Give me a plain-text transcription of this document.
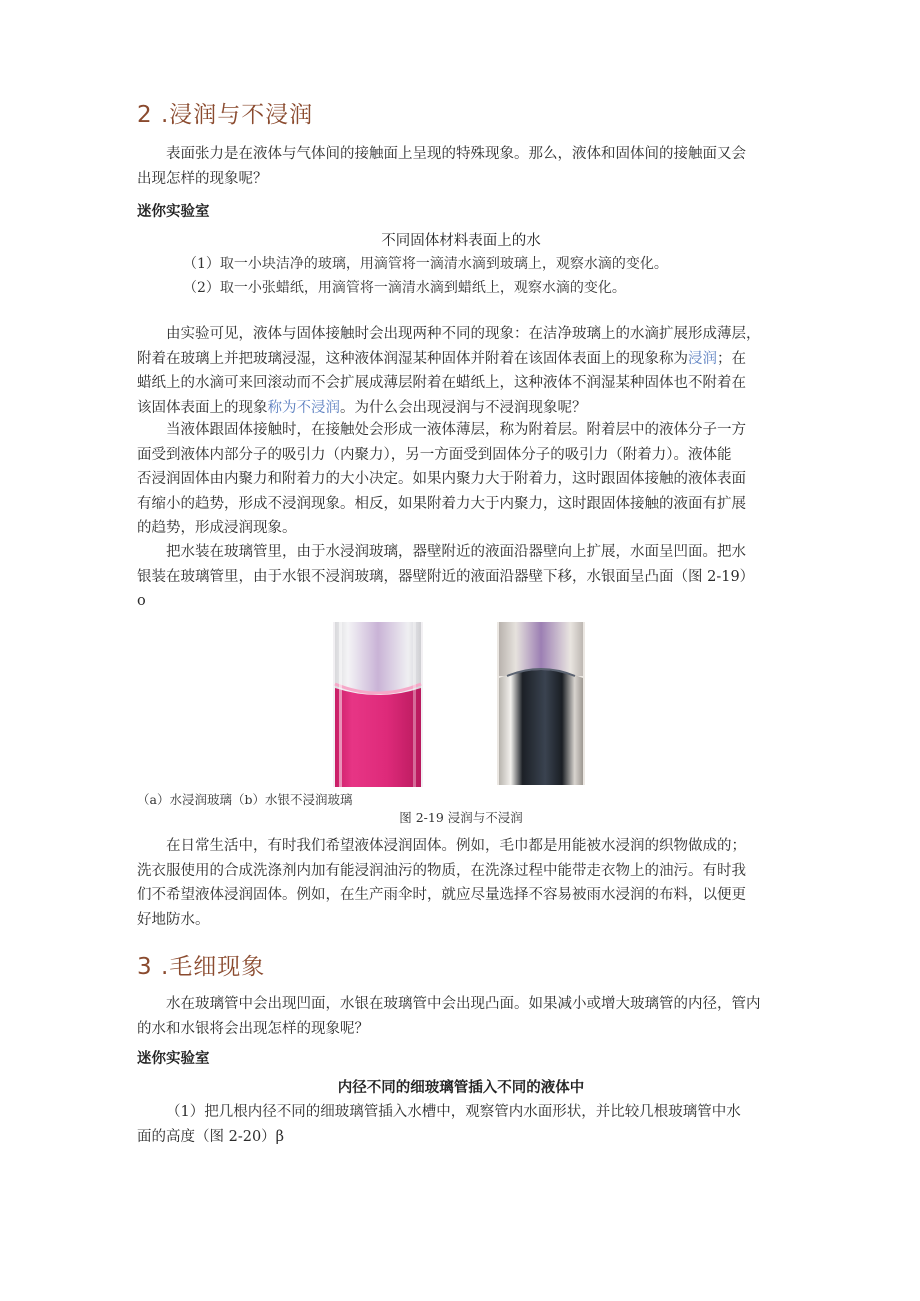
2 .浸润与不浸润
表面张力是在液体与气体间的接触面上呈现的特殊现象。那么，液体和固体间的接触面又会
出现怎样的现象呢？
迷你实验室
不同固体材料表面上的水
（1）取一小块洁净的玻璃，用滴管将一滴清水滴到玻璃上，观察水滴的变化。
（2）取一小张蜡纸，用滴管将一滴清水滴到蜡纸上，观察水滴的变化。
由实验可见，液体与固体接触时会出现两种不同的现象：在洁净玻璃上的水滴扩展形成薄层，
附着在玻璃上并把玻璃浸湿，这种液体润湿某种固体并附着在该固体表面上的现象称为浸润；在
蜡纸上的水滴可来回滚动而不会扩展成薄层附着在蜡纸上，这种液体不润湿某种固体也不附着在
该固体表面上的现象称为不浸润。为什么会出现浸润与不浸润现象呢？
当液体跟固体接触时，在接触处会形成一液体薄层，称为附着层。附着层中的液体分子一方
面受到液体内部分子的吸引力（内聚力），另一方面受到固体分子的吸引力（附着力）。液体能
否浸润固体由内聚力和附着力的大小决定。如果内聚力大于附着力，这时跟固体接触的液体表面
有缩小的趋势，形成不浸润现象。相反，如果附着力大于内聚力，这时跟固体接触的液面有扩展
的趋势，形成浸润现象。
把水装在玻璃管里，由于水浸润玻璃，器壁附近的液面沿器壁向上扩展，水面呈凹面。把水
银装在玻璃管里，由于水银不浸润玻璃，器壁附近的液面沿器壁下移，水银面呈凸面（图 2-19）
o
（a）水浸润玻璃（b）水银不浸润玻璃
图 2-19 浸润与不浸润
在日常生活中，有时我们希望液体浸润固体。例如，毛巾都是用能被水浸润的织物做成的；
洗衣服使用的合成洗涤剂内加有能浸润油污的物质，在洗涤过程中能带走衣物上的油污。有时我
们不希望液体浸润固体。例如，在生产雨伞时，就应尽量选择不容易被雨水浸润的布料，以便更
好地防水。
3 .毛细现象
水在玻璃管中会出现凹面，水银在玻璃管中会出现凸面。如果减小或增大玻璃管的内径，管内
的水和水银将会出现怎样的现象呢？
迷你实验室
内径不同的细玻璃管插入不同的液体中
（1）把几根内径不同的细玻璃管插入水槽中，观察管内水面形状，并比较几根玻璃管中水
面的高度（图 2-20）β
